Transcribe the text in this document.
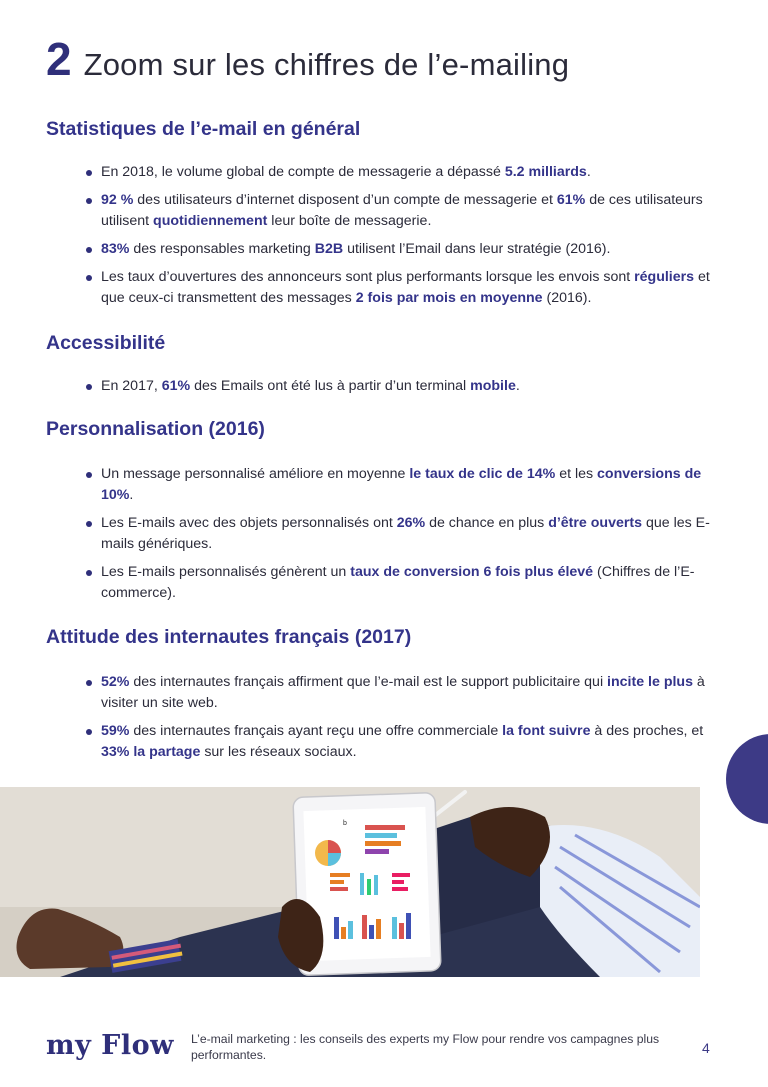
2 Zoom sur les chiffres de l’e-mailing
Statistiques de l’e-mail en général
En 2018, le volume global de compte de messagerie a dépassé 5.2 milliards.
92 % des utilisateurs d’internet disposent d’un compte de messagerie et 61% de ces utilisateurs utilisent quotidiennement leur boîte de messagerie.
83% des responsables marketing B2B utilisent l’Email dans leur stratégie (2016).
Les taux d’ouvertures des annonceurs sont plus performants lorsque les envois sont réguliers et que ceux-ci transmettent des messages 2 fois par mois en moyenne (2016).
Accessibilité
En 2017, 61% des Emails ont été lus à partir d’un terminal mobile.
Personnalisation (2016)
Un message personnalisé améliore en moyenne le taux de clic de 14% et les conversions de 10%.
Les E-mails avec des objets personnalisés ont 26% de chance en plus d’être ouverts que les E-mails génériques.
Les E-mails personnalisés génèrent un taux de conversion 6 fois plus élevé (Chiffres de l’E-commerce).
Attitude des internautes français (2017)
52% des internautes français affirment que l’e-mail est le support publicitaire qui incite le plus à visiter un site web.
59% des internautes français ayant reçu une offre commerciale la font suivre à des proches, et 33% la partage sur les réseaux sociaux.
b
my Flow L’e-mail marketing : les conseils des experts my Flow pour rendre vos campagnes plus performantes.	4
